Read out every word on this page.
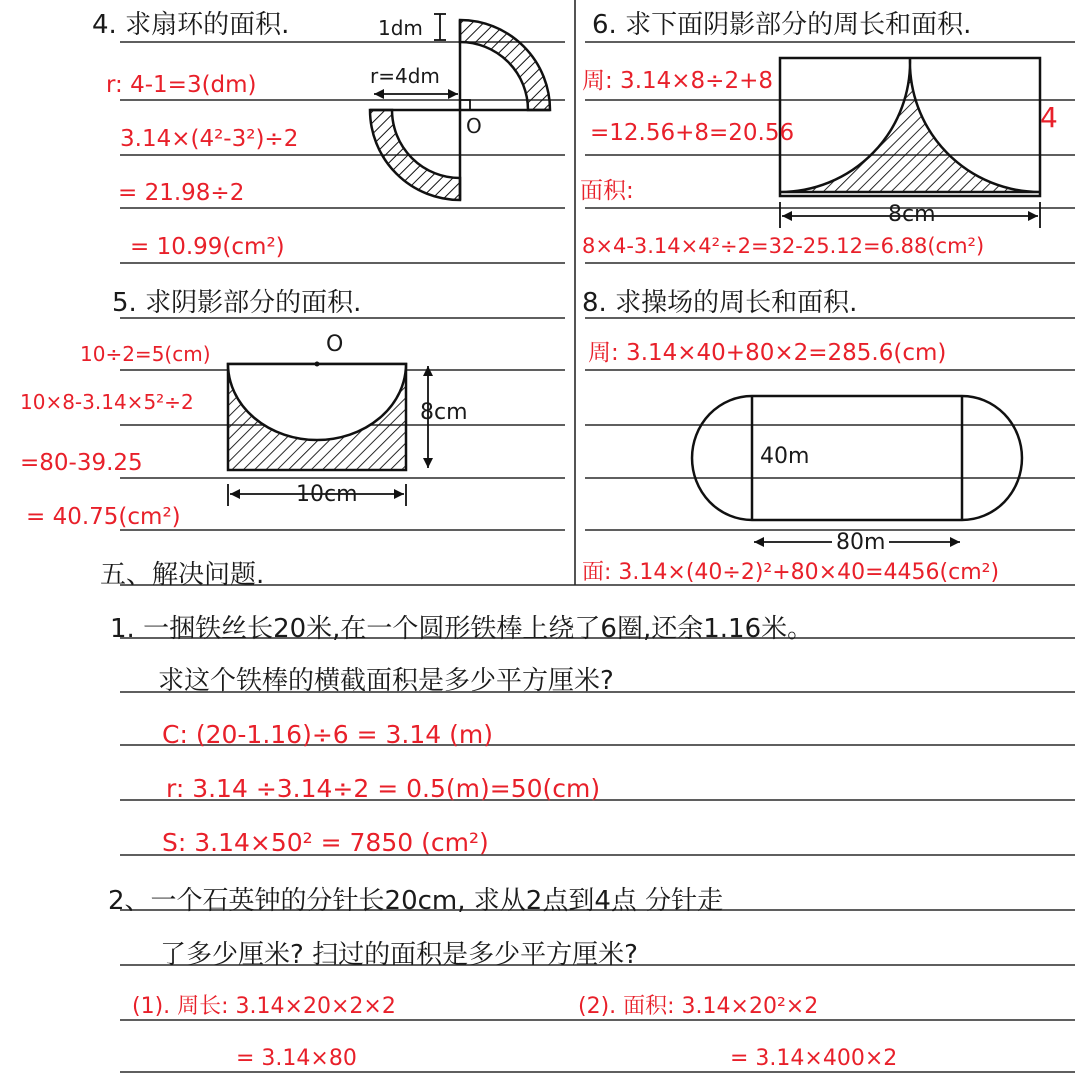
4. 求扇环的面积.	1dm
r=4dm
O
r: 4-1=3(dm)
3.14×(4²-3²)÷2
= 21.98÷2
= 10.99(cm²)
6. 求下面阴影部分的周长和面积.
4
8cm
周: 3.14×8÷2+8
=12.56+8=20.56
面积:
8×4-3.14×4²÷2=32-25.12=6.88(cm²)
5. 求阴影部分的面积.
O
8cm
10cm
10÷2=5(cm)
10×8-3.14×5²÷2
=80-39.25
= 40.75(cm²)
8. 求操场的周长和面积.
周: 3.14×40+80×2=285.6(cm)
40m
80m
面: 3.14×(40÷2)²+80×40=4456(cm²)
五、解决问题.
1. 一捆铁丝长20米,在一个圆形铁棒上绕了6圈,还余1.16米。
求这个铁棒的横截面积是多少平方厘米?
C: (20-1.16)÷6 = 3.14 (m)
r: 3.14 ÷3.14÷2 = 0.5(m)=50(cm)
S: 3.14×50² = 7850 (cm²)
2、一个石英钟的分针长20cm, 求从2点到4点 分针走
了多少厘米? 扫过的面积是多少平方厘米?
(1). 周长: 3.14×20×2×2
= 3.14×80
(2). 面积: 3.14×20²×2
= 3.14×400×2
